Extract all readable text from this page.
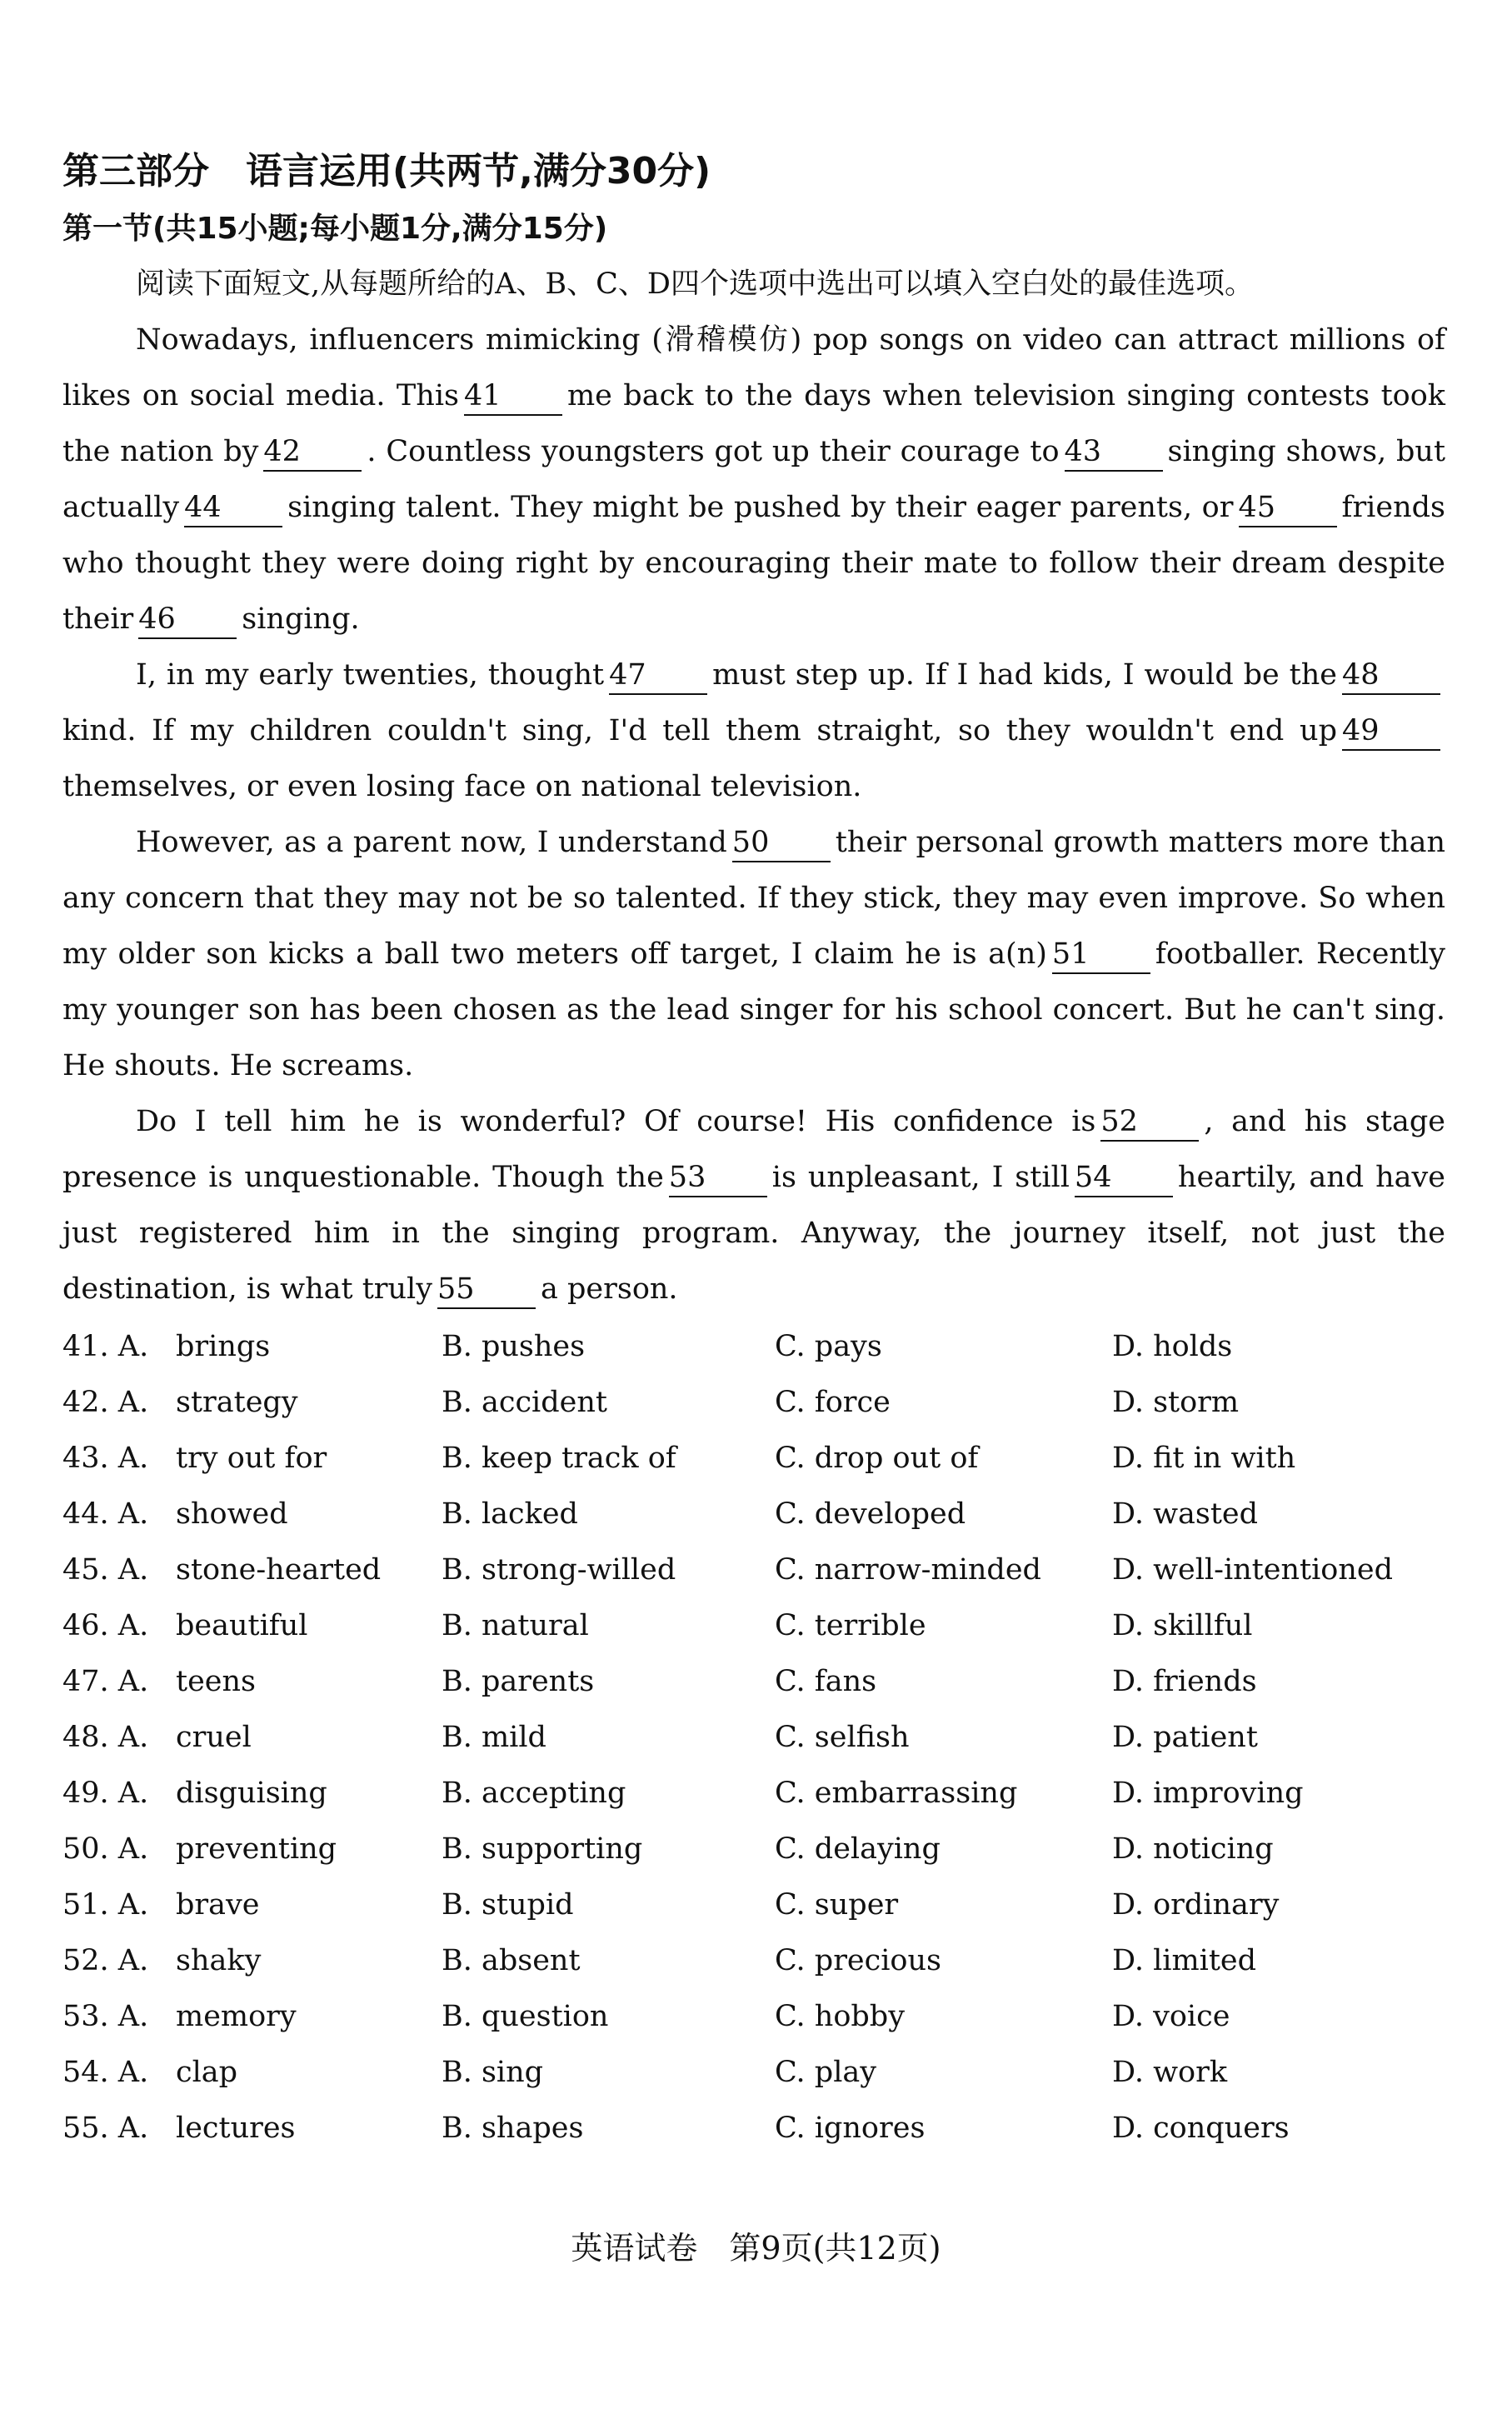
第三部分　语言运用(共两节,满分30分)
第一节(共15小题;每小题1分,满分15分)

阅读下面短文,从每题所给的A、B、C、D四个选项中选出可以填入空白处的最佳选项。

Nowadays, influencers mimicking (滑稽模仿) pop songs on video can attract millions of likes on social media. This 41 me back to the days when television singing contests took the nation by 42 . Countless youngsters got up their courage to 43 singing shows, but actually 44 singing talent. They might be pushed by their eager parents, or 45 friends who thought they were doing right by encouraging their mate to follow their dream despite their 46 singing.

I, in my early twenties, thought 47 must step up. If I had kids, I would be the 48kind. If my children couldn't sing, I'd tell them straight, so they wouldn't end up 49themselves, or even losing face on national television.

However, as a parent now, I understand 50 their personal growth matters more than any concern that they may not be so talented. If they stick, they may even improve. So when my older son kicks a ball two meters off target, I claim he is a(n) 51 footballer. Recently my younger son has been chosen as the lead singer for his school concert. But he can't sing. He shouts. He screams.

Do I tell him he is wonderful? Of course! His confidence is 52 , and his stage presence is unquestionable. Though the 53 is unpleasant, I still 54 heartily, and have just registered him in the singing program. Anyway, the journey itself, not just the destination, is what truly 55 a person.

41. A. brings	B. pushes	C. pays	D. holds
42. A. strategy	B. accident	C. force	D. storm
43. A. try out for	B. keep track of	C. drop out of	D. fit in with
44. A. showed	B. lacked	C. developed	D. wasted
45. A. stone-hearted	B. strong-willed	C. narrow-minded	D. well-intentioned
46. A. beautiful	B. natural	C. terrible	D. skillful
47. A. teens	B. parents	C. fans	D. friends
48. A. cruel	B. mild	C. selfish	D. patient
49. A. disguising	B. accepting	C. embarrassing	D. improving
50. A. preventing	B. supporting	C. delaying	D. noticing
51. A. brave	B. stupid	C. super	D. ordinary
52. A. shaky	B. absent	C. precious	D. limited
53. A. memory	B. question	C. hobby	D. voice
54. A. clap	B. sing	C. play	D. work
55. A. lectures	B. shapes	C. ignores	D. conquers
英语试卷　第9页(共12页)
